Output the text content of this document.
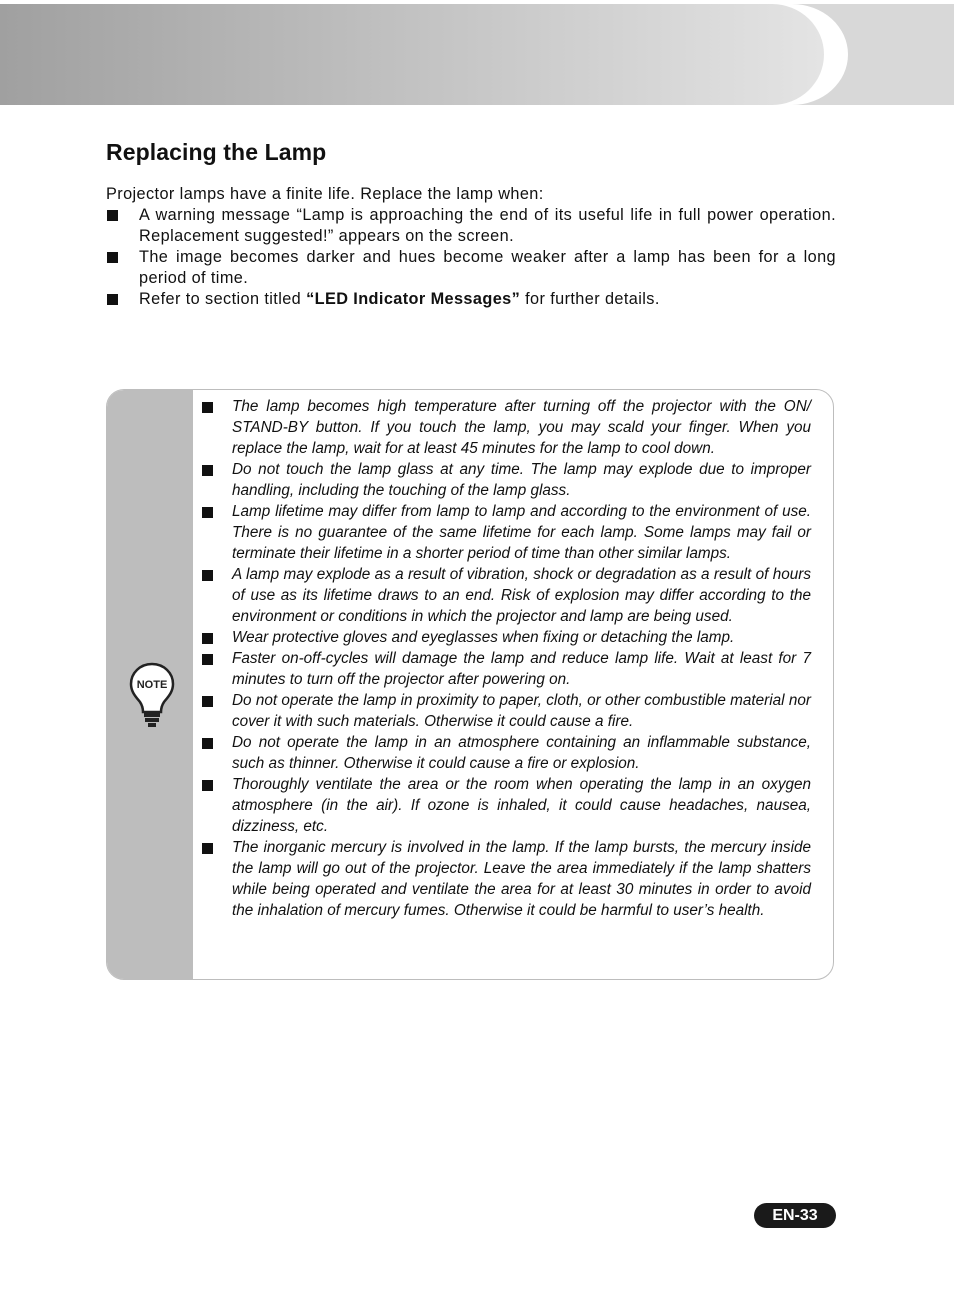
Replacing the Lamp

Projector lamps have a finite life. Replace the lamp when:

A warning message “Lamp is approaching the end of its useful life in full power operation. Replacement suggested!” appears on the screen.
The image becomes darker and hues become weaker after a lamp has been for a long period of time.
Refer to section titled “LED Indicator Messages” for further details.
NOTE
The lamp becomes high temperature after turning off the projector with the ON/ STAND-BY button. If you touch the lamp, you may scald your finger. When you replace the lamp, wait for at least 45 minutes for the lamp to cool down.
Do not touch the lamp glass at any time. The lamp may explode due to improper handling, including the touching of the lamp glass.
Lamp lifetime may differ from lamp to lamp and according to the environment of use. There is no guarantee of the same lifetime for each lamp. Some lamps may fail or terminate their lifetime in a shorter period of time than other similar lamps.
A lamp may explode as a result of vibration, shock or degradation as a result of hours of use as its lifetime draws to an end. Risk of explosion may differ according to the environment or conditions in which the projector and lamp are being used.
Wear protective gloves and eyeglasses when fixing or detaching the lamp.
Faster on-off-cycles will damage the lamp and reduce lamp life. Wait at least for 7 minutes to turn off the projector after powering on.
Do not operate the lamp in proximity to paper, cloth, or other combustible material nor cover it with such materials. Otherwise it could cause a fire.
Do not operate the lamp in an atmosphere containing an inflammable substance, such as thinner. Otherwise it could cause a fire or explosion.
Thoroughly ventilate the area or the room when operating the lamp in an oxygen atmosphere (in the air). If ozone is inhaled, it could cause headaches, nausea, dizziness, etc.
The inorganic mercury is involved in the lamp. If the lamp bursts, the mercury inside the lamp will go out of the projector. Leave the area immediately if the lamp shatters while being operated and ventilate the area for at least 30 minutes in order to avoid the inhalation of mercury fumes. Otherwise it could be harmful to user’s health.
EN-33
